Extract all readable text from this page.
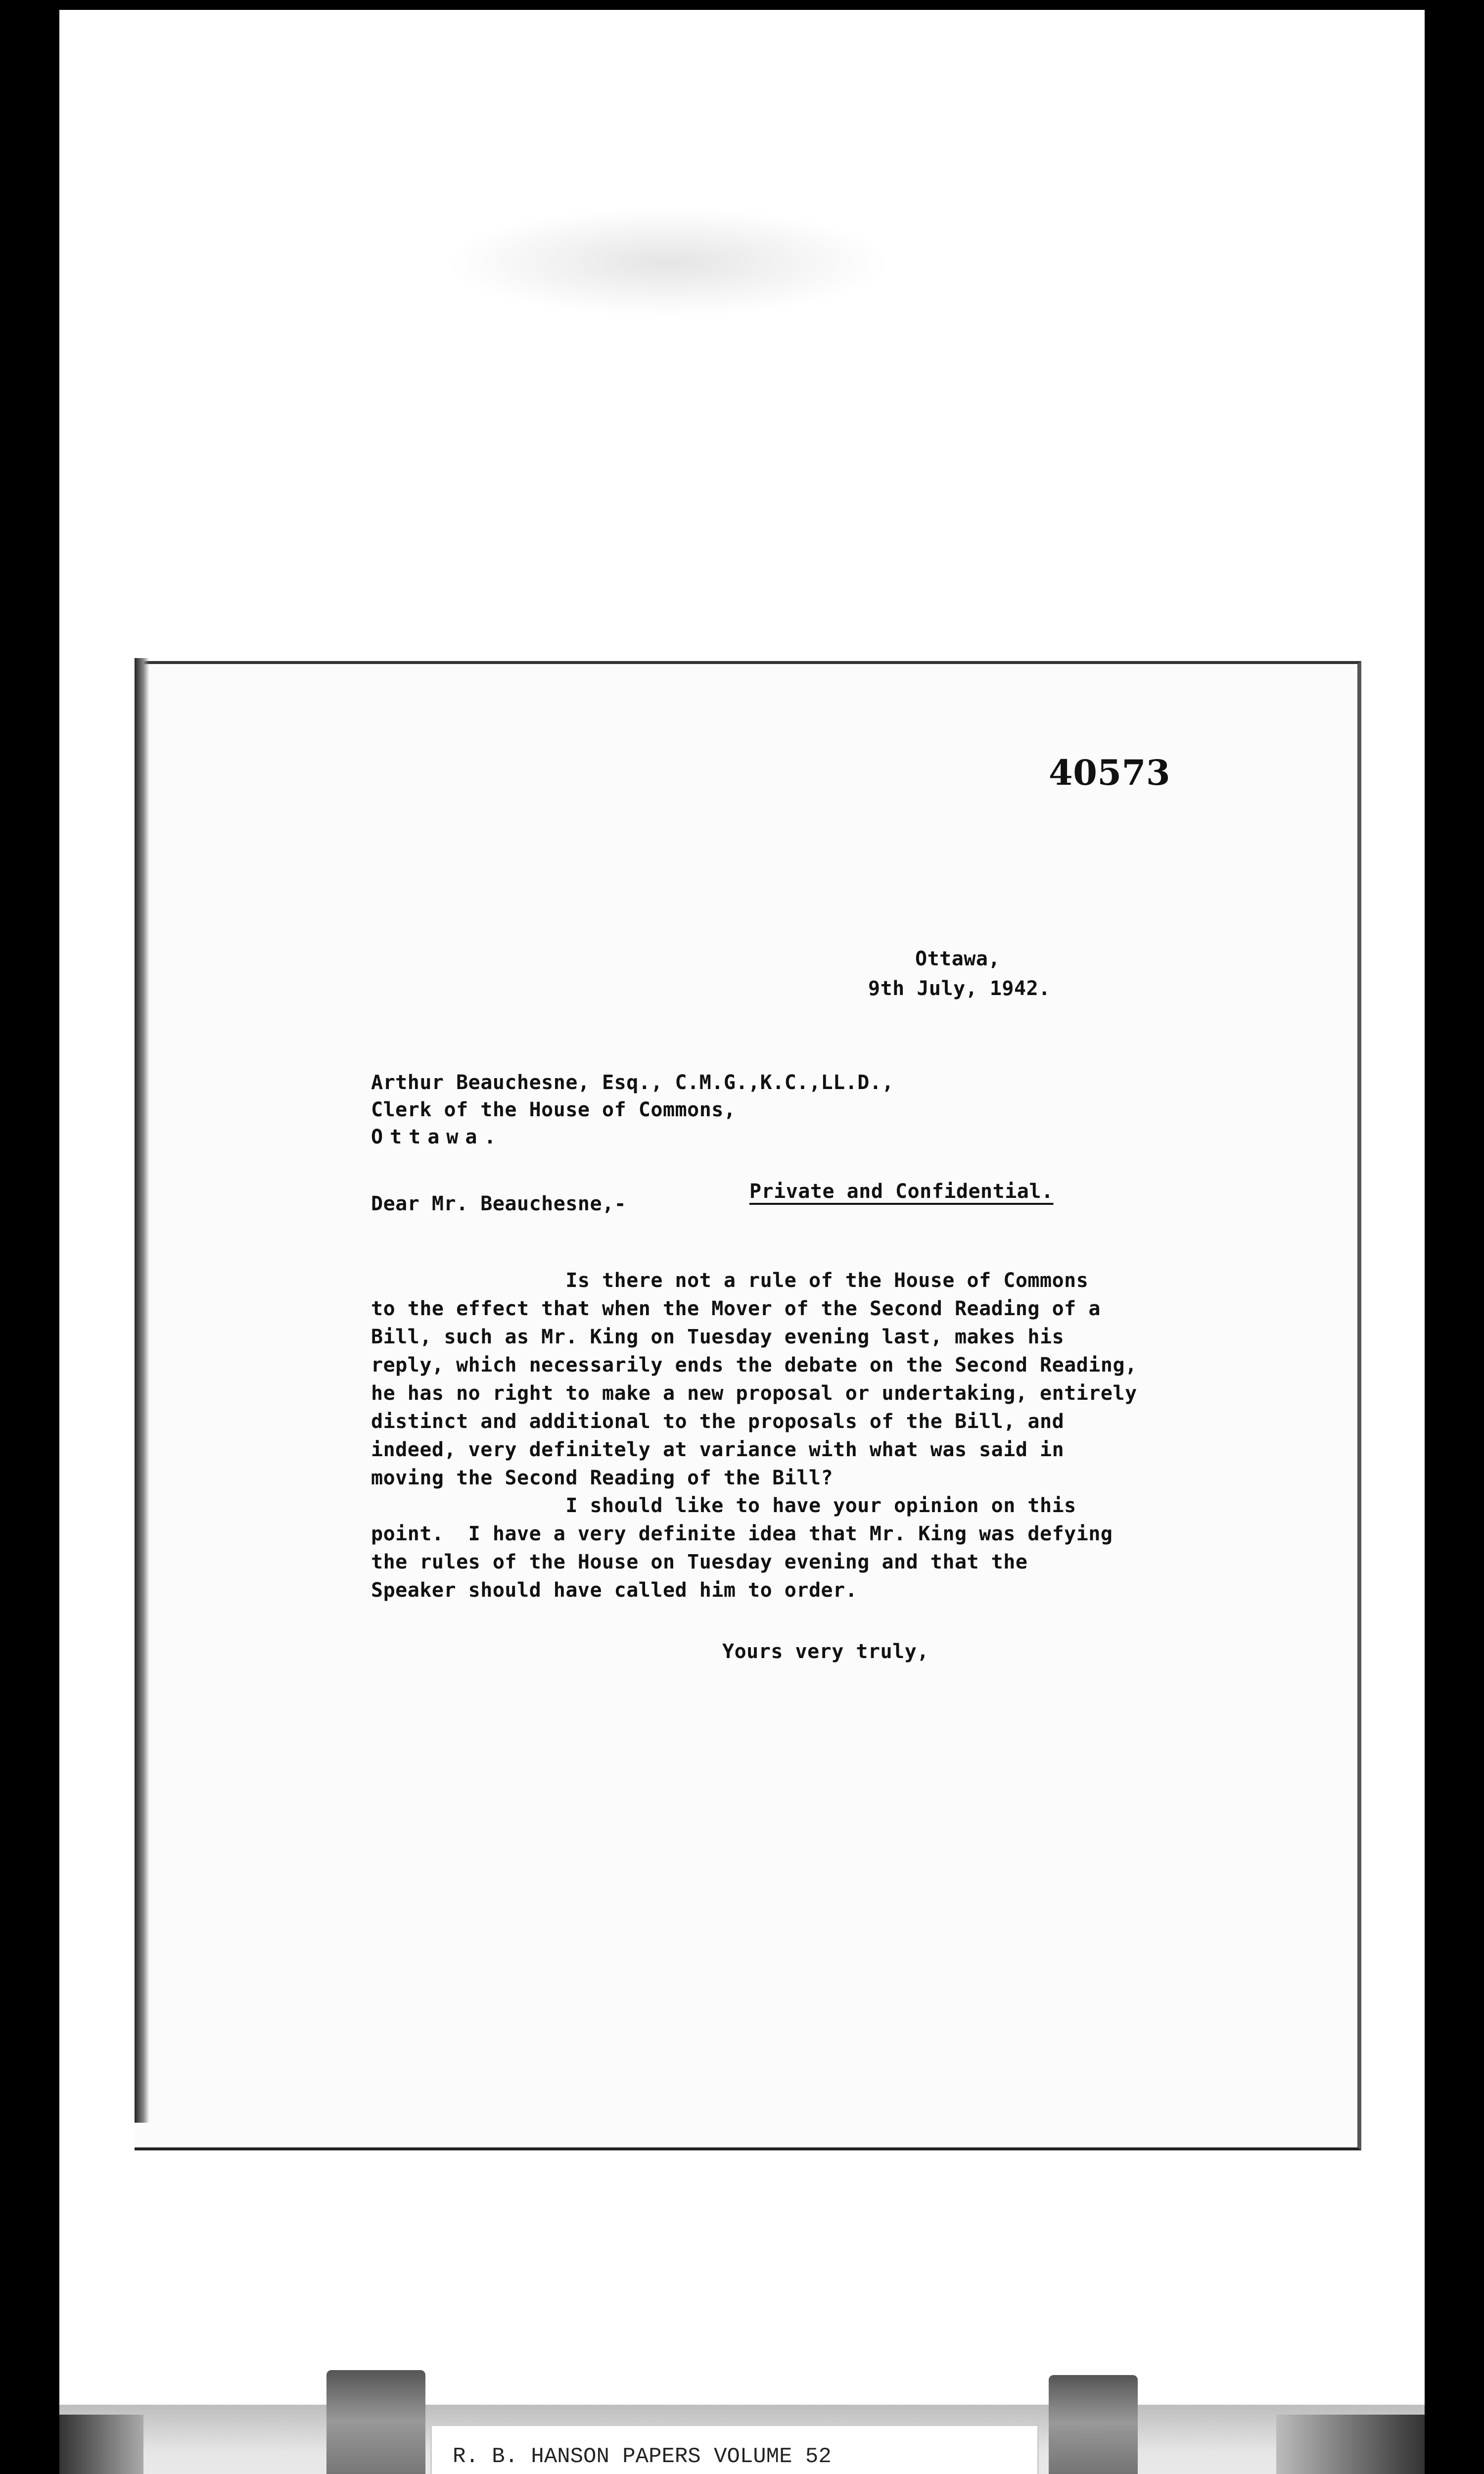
40573
Ottawa,
9th July, 1942.
Arthur Beauchesne, Esq., C.M.G.,K.C.,LL.D.,
Clerk of the House of Commons,
Ottawa.
Dear Mr. Beauchesne,-
Private and Confidential.
Is there not a rule of the House of Commons
to the effect that when the Mover of the Second Reading of a
Bill, such as Mr. King on Tuesday evening last, makes his
reply, which necessarily ends the debate on the Second Reading,
he has no right to make a new proposal or undertaking, entirely
distinct and additional to the proposals of the Bill, and
indeed, very definitely at variance with what was said in
moving the Second Reading of the Bill?
I should like to have your opinion on this
point.  I have a very definite idea that Mr. King was defying
the rules of the House on Tuesday evening and that the
Speaker should have called him to order.
Yours very truly,
R. B. HANSON PAPERS VOLUME 52
